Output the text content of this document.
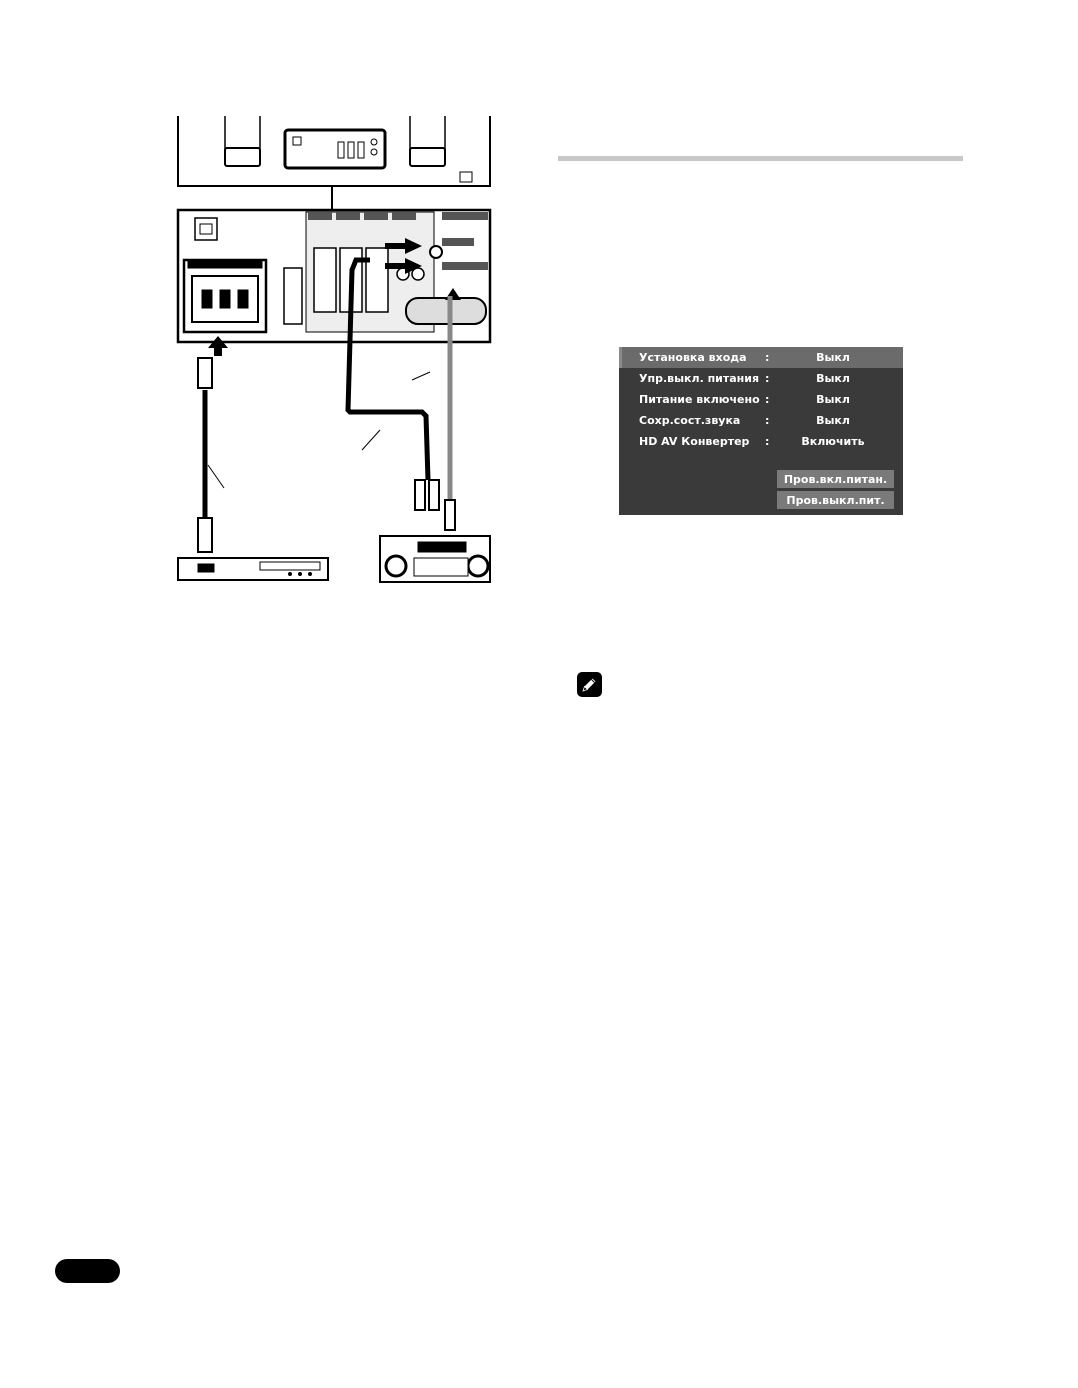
Установка входа :	Выкл
Упр.выкл. питания :	Выкл
Питание включено :	Выкл
Сохр.сост.звука :	Выкл
HD AV Конвертер :	Включить
Пров.вкл.питан.
Пров.выкл.пит.
